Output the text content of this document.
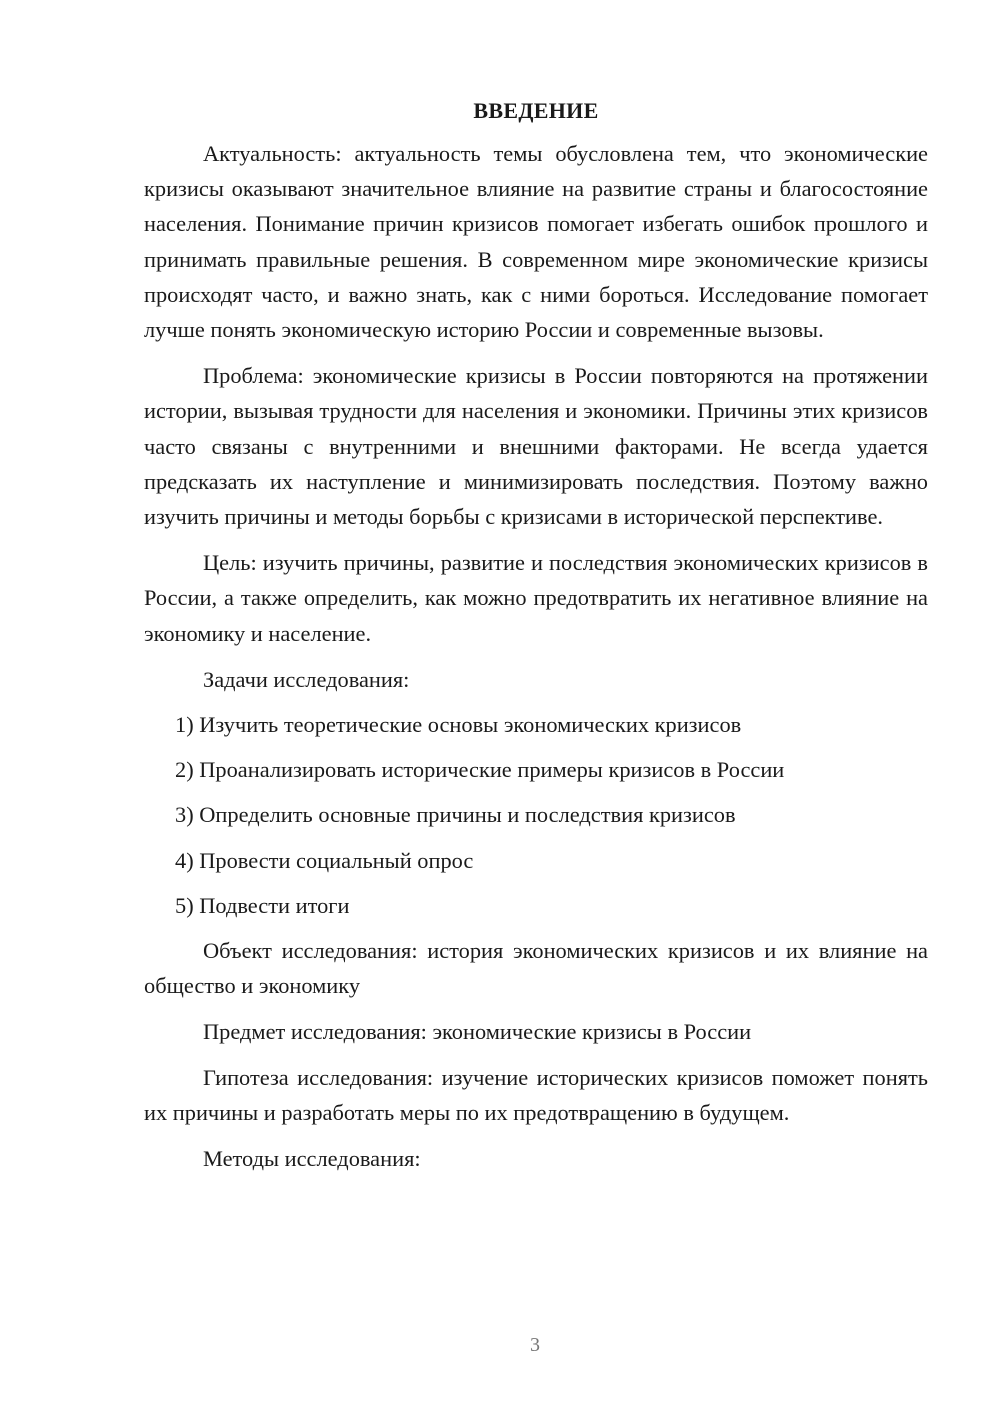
ВВЕДЕНИЕ

Актуальность: актуальность темы обусловлена тем, что экономические кризисы оказывают значительное влияние на развитие страны и благосостояние населения. Понимание причин кризисов помогает избегать ошибок прошлого и принимать правильные решения. В современном мире экономические кризисы происходят часто, и важно знать, как с ними бороться. Исследование помогает лучше понять экономическую историю России и современные вызовы.

Проблема: экономические кризисы в России повторяются на протяжении истории, вызывая трудности для населения и экономики. Причины этих кризисов часто связаны с внутренними и внешними факторами. Не всегда удается предсказать их наступление и минимизировать последствия. Поэтому важно изучить причины и методы борьбы с кризисами в исторической перспективе.

Цель: изучить причины, развитие и последствия экономических кризисов в России, а также определить, как можно предотвратить их негативное влияние на экономику и население.

Задачи исследования:

1) Изучить теоретические основы экономических кризисов
2) Проанализировать исторические примеры кризисов в России
3) Определить основные причины и последствия кризисов
4) Провести социальный опрос
5) Подвести итоги

Объект исследования: история экономических кризисов и их влияние на общество и экономику

Предмет исследования: экономические кризисы в России

Гипотеза исследования: изучение исторических кризисов поможет понять их причины и разработать меры по их предотвращению в будущем.

Методы исследования:

3
